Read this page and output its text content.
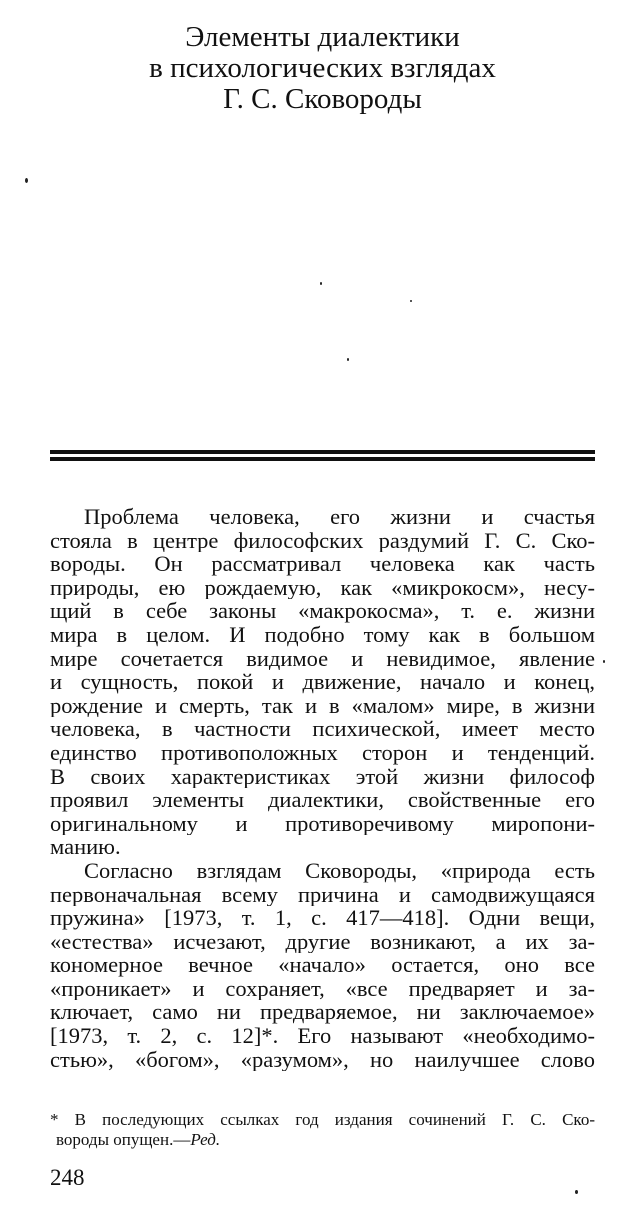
Элементы диалектики
в психологических взглядах
Г. С. Сковороды

Проблема человека, его жизни и счастья
стояла в центре философских раздумий Г. С. Ско-
вороды. Он рассматривал человека как часть
природы, ею рождаемую, как «микрокосм», несу-
щий в себе законы «макрокосма», т. е. жизни
мира в целом. И подобно тому как в большом
мире сочетается видимое и невидимое, явление
и сущность, покой и движение, начало и конец,
рождение и смерть, так и в «малом» мире, в жизни
человека, в частности психической, имеет место
единство противоположных сторон и тенденций.
В своих характеристиках этой жизни философ
проявил элементы диалектики, свойственные его
оригинальному и противоречивому миропони-
манию.

Согласно взглядам Сковороды, «природа есть
первоначальная всему причина и самодвижущаяся
пружина» [1973, т. 1, с. 417—418]. Одни вещи,
«естества» исчезают, другие возникают, а их за-
кономерное вечное «начало» остается, оно все
«проникает» и сохраняет, «все предваряет и за-
ключает, само ни предваряемое, ни заключаемое»
[1973, т. 2, с. 12]*. Его называют «необходимо-
стью», «богом», «разумом», но наилучшее слово

* В последующих ссылках год издания сочинений Г. С. Ско-
вороды опущен.—Ред.
248
